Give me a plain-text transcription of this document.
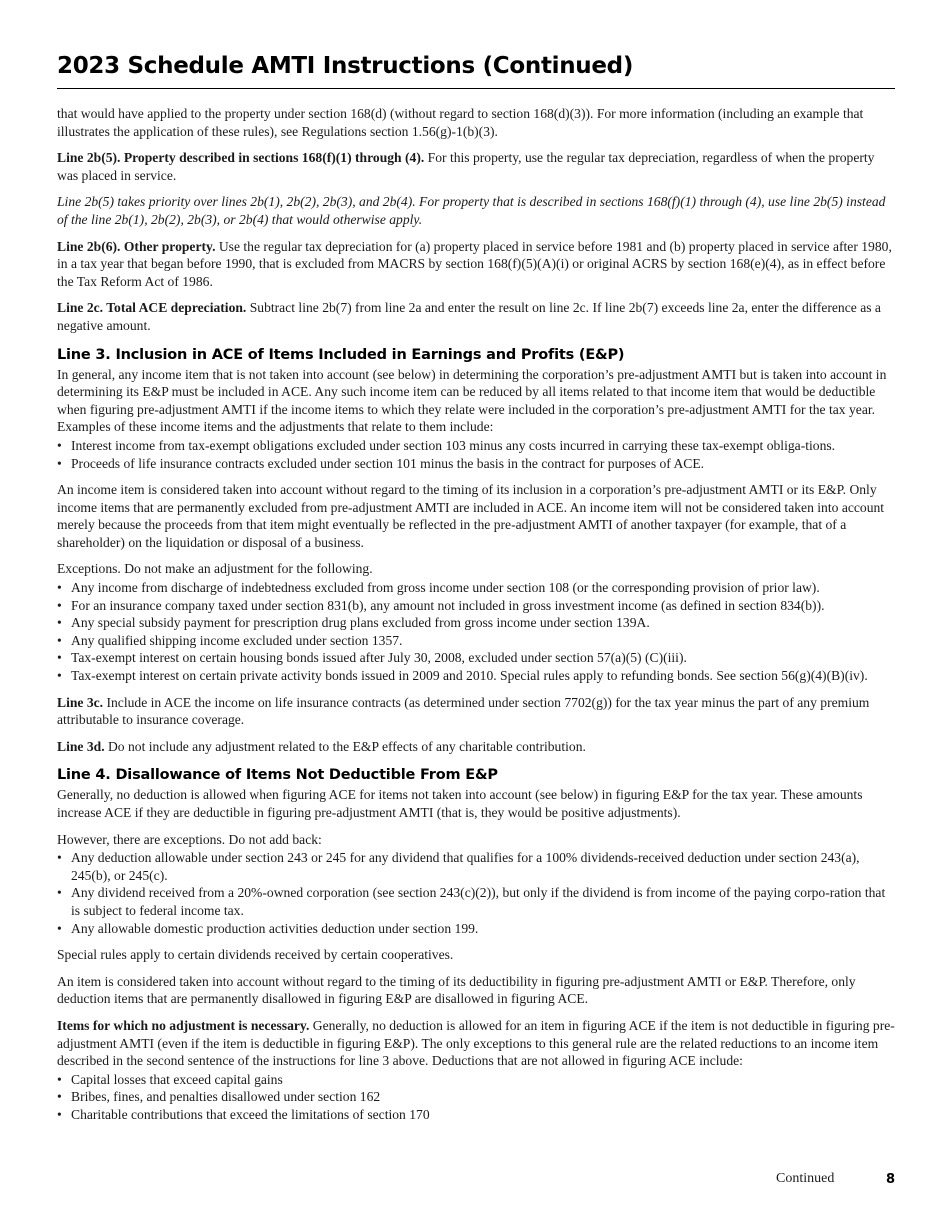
2023 Schedule AMTI Instructions (Continued)

that would have applied to the property under section 168(d) (without regard to section 168(d)(3)). For more information (including an example that illustrates the application of these rules), see Regulations section 1.56(g)-1(b)(3).

Line 2b(5). Property described in sections 168(f)(1) through (4). For this property, use the regular tax depreciation, regardless of when the property was placed in service.

Line 2b(5) takes priority over lines 2b(1), 2b(2), 2b(3), and 2b(4). For property that is described in sections 168(f)(1) through (4), use line 2b(5) instead of the line 2b(1), 2b(2), 2b(3), or 2b(4) that would otherwise apply.

Line 2b(6). Other property. Use the regular tax depreciation for (a) property placed in service before 1981 and (b) property placed in service after 1980, in a tax year that began before 1990, that is excluded from MACRS by section 168(f)(5)(A)(i) or original ACRS by section 168(e)(4), as in effect before the Tax Reform Act of 1986.

Line 2c. Total ACE depreciation. Subtract line 2b(7) from line 2a and enter the result on line 2c. If line 2b(7) exceeds line 2a, enter the difference as a negative amount.

Line 3. Inclusion in ACE of Items Included in Earnings and Profits (E&P)

In general, any income item that is not taken into account (see below) in determining the corporation’s pre-adjustment AMTI but is taken into account in determining its E&P must be included in ACE. Any such income item can be reduced by all items related to that income item that would be deductible when figuring pre-adjustment AMTI if the income items to which they relate were included in the corporation’s pre-adjustment AMTI for the tax year. Examples of these income items and the adjustments that relate to them include:

• Interest income from tax-exempt obligations excluded under section 103 minus any costs incurred in carrying these tax-exempt obliga-tions.
• Proceeds of life insurance contracts excluded under section 101 minus the basis in the contract for purposes of ACE.

An income item is considered taken into account without regard to the timing of its inclusion in a corporation’s pre-adjustment AMTI or its E&P. Only income items that are permanently excluded from pre-adjustment AMTI are included in ACE. An income item will not be considered taken into account merely because the proceeds from that item might eventually be reflected in the pre-adjustment AMTI of another taxpayer (for example, that of a shareholder) on the liquidation or disposal of a business.

Exceptions. Do not make an adjustment for the following.

• Any income from discharge of indebtedness excluded from gross income under section 108 (or the corresponding provision of prior law).
• For an insurance company taxed under section 831(b), any amount not included in gross investment income (as defined in section 834(b)).
• Any special subsidy payment for prescription drug plans excluded from gross income under section 139A.
• Any qualified shipping income excluded under section 1357.
• Tax-exempt interest on certain housing bonds issued after July 30, 2008, excluded under section 57(a)(5) (C)(iii).
• Tax-exempt interest on certain private activity bonds issued in 2009 and 2010. Special rules apply to refunding bonds. See section 56(g)(4)(B)(iv).

Line 3c. Include in ACE the income on life insurance contracts (as determined under section 7702(g)) for the tax year minus the part of any premium attributable to insurance coverage.

Line 3d. Do not include any adjustment related to the E&P effects of any charitable contribution.

Line 4. Disallowance of Items Not Deductible From E&P

Generally, no deduction is allowed when figuring ACE for items not taken into account (see below) in figuring E&P for the tax year. These amounts increase ACE if they are deductible in figuring pre-adjustment AMTI (that is, they would be positive adjustments).

However, there are exceptions. Do not add back:

• Any deduction allowable under section 243 or 245 for any dividend that qualifies for a 100% dividends-received deduction under section 243(a), 245(b), or 245(c).
• Any dividend received from a 20%-owned corporation (see section 243(c)(2)), but only if the dividend is from income of the paying corpo-ration that is subject to federal income tax.
• Any allowable domestic production activities deduction under section 199.

Special rules apply to certain dividends received by certain cooperatives.

An item is considered taken into account without regard to the timing of its deductibility in figuring pre-adjustment AMTI or E&P. Therefore, only deduction items that are permanently disallowed in figuring E&P are disallowed in figuring ACE.

Items for which no adjustment is necessary. Generally, no deduction is allowed for an item in figuring ACE if the item is not deductible in figuring pre-adjustment AMTI (even if the item is deductible in figuring E&P). The only exceptions to this general rule are the related reductions to an income item described in the second sentence of the instructions for line 3 above. Deductions that are not allowed in figuring ACE include:

• Capital losses that exceed capital gains
• Bribes, fines, and penalties disallowed under section 162
• Charitable contributions that exceed the limitations of section 170
Continued	8
